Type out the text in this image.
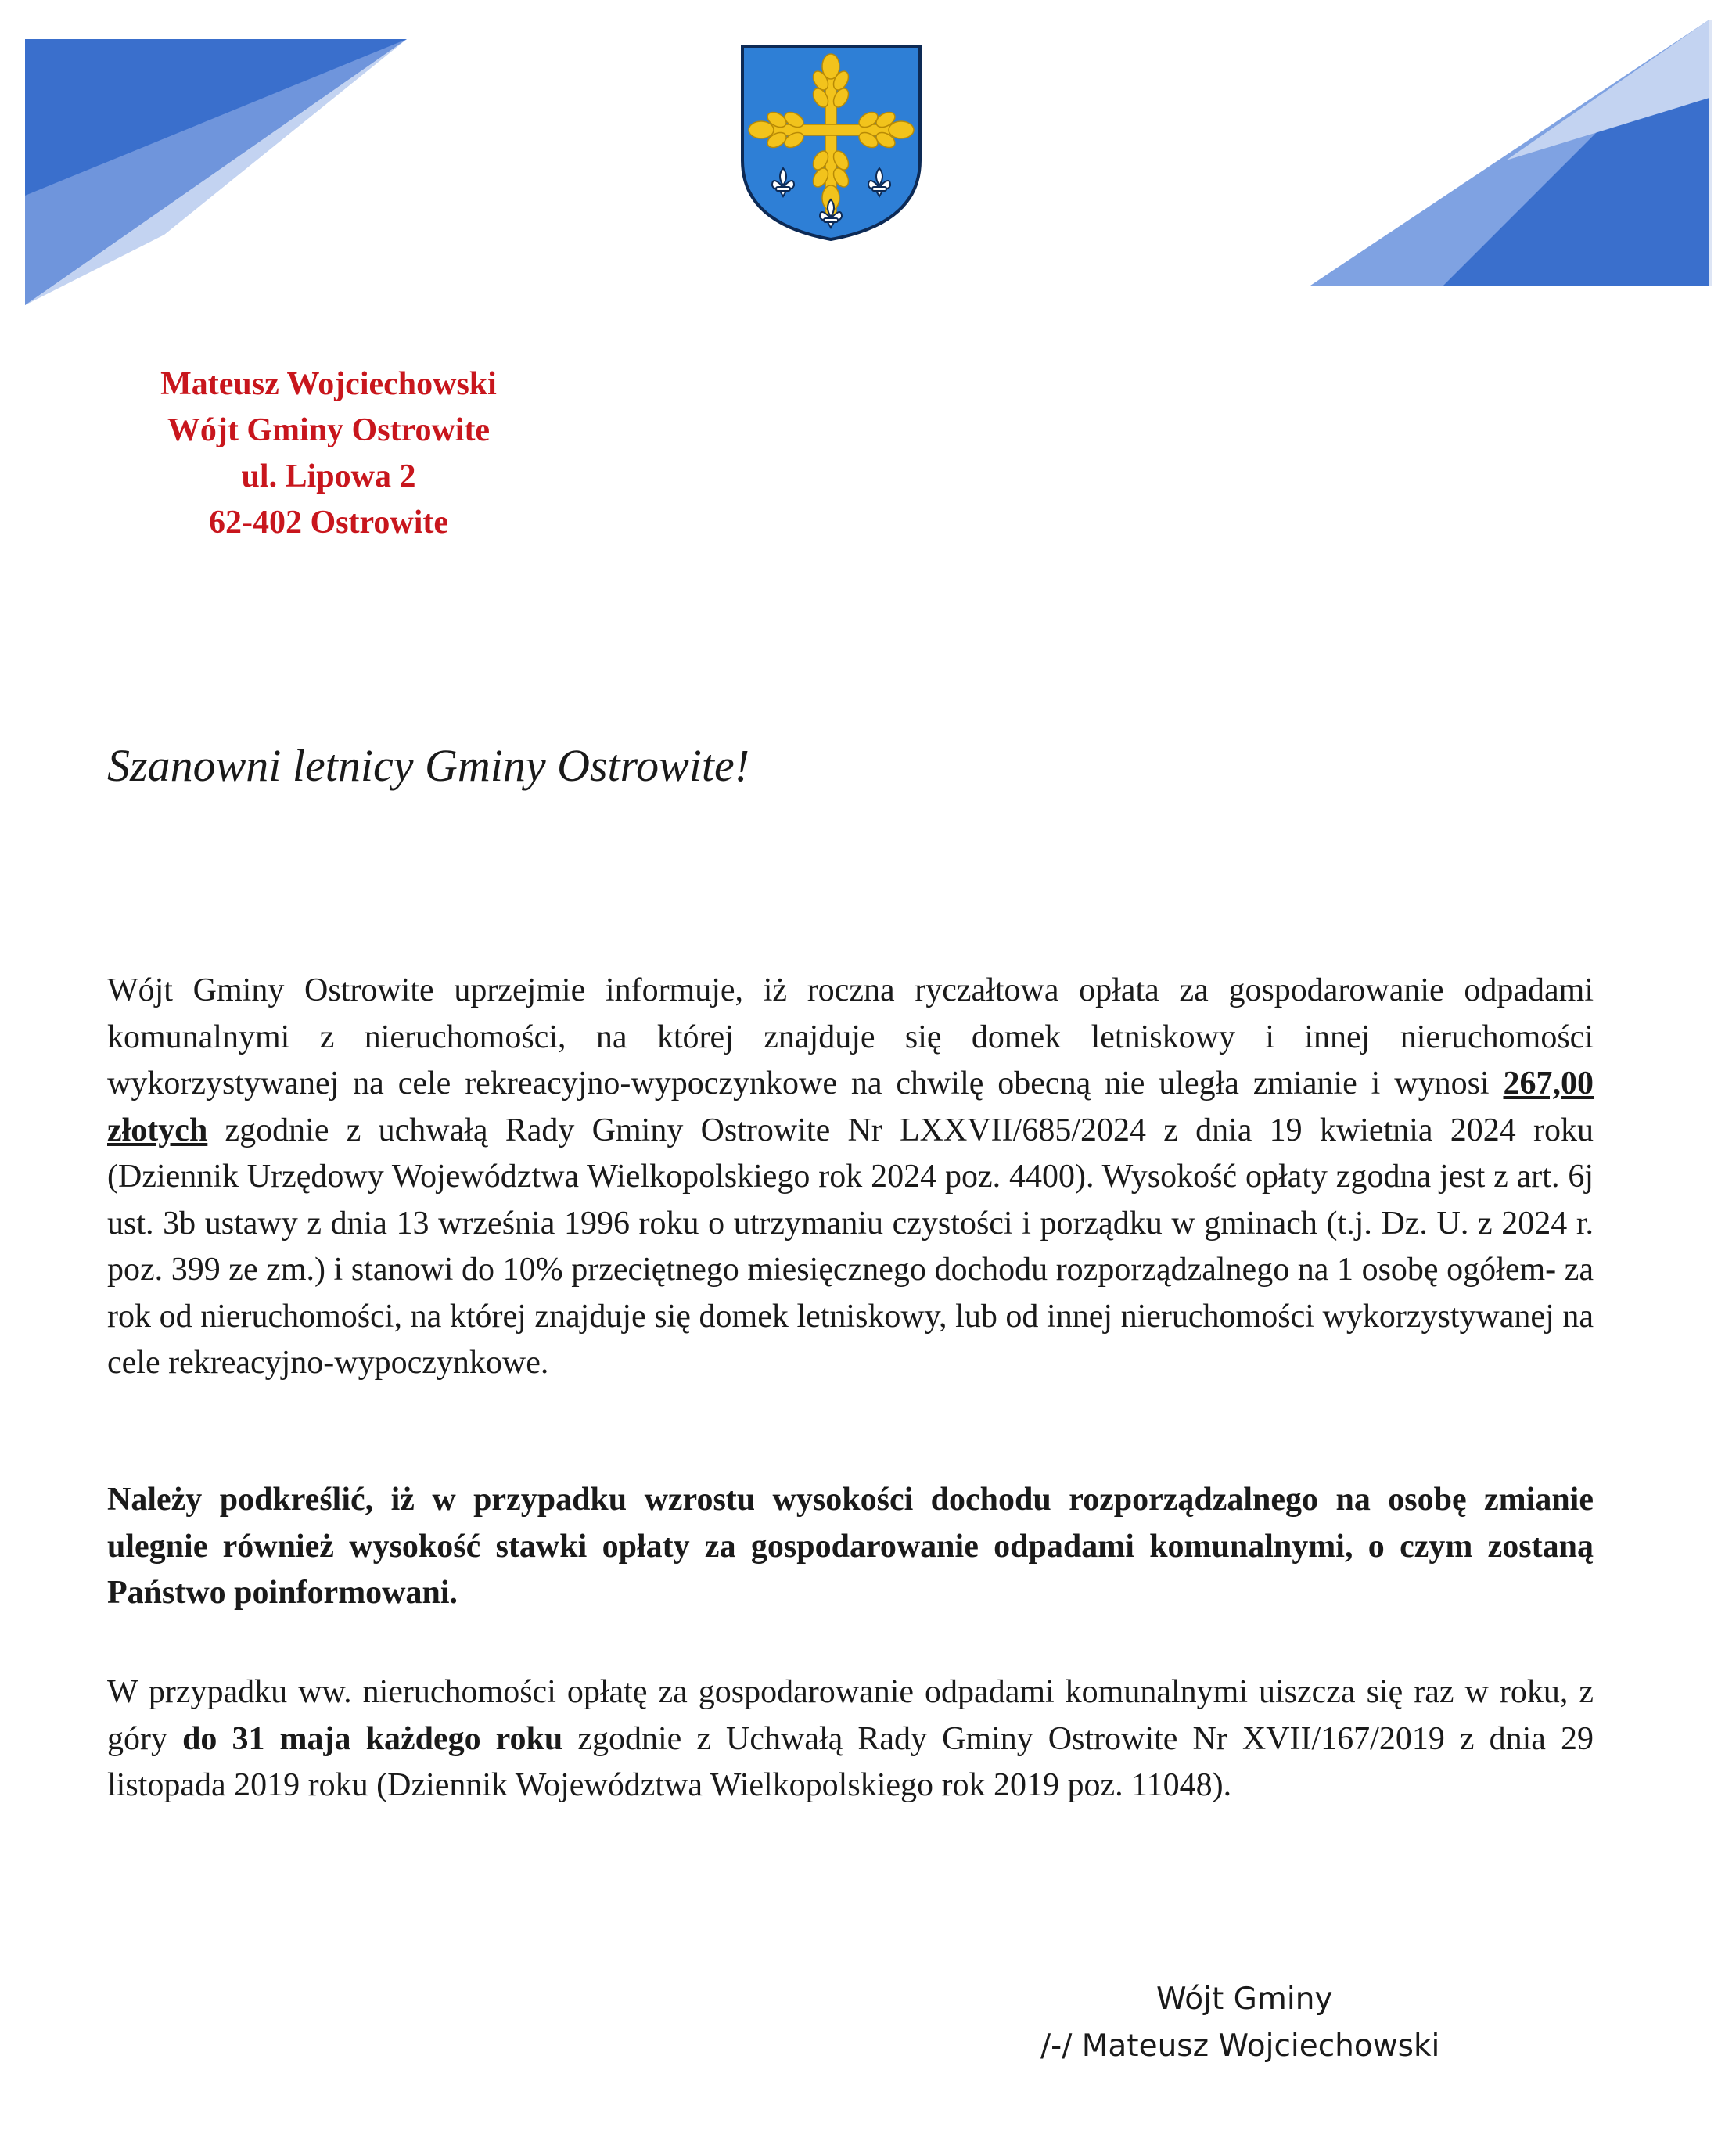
Mateusz Wojciechowski
Wójt Gminy Ostrowite
ul. Lipowa 2
62-402 Ostrowite
Szanowni letnicy Gminy Ostrowite!
Wójt Gminy Ostrowite uprzejmie informuje, iż roczna ryczałtowa opłata za gospodarowanie odpadami komunalnymi z nieruchomości, na której znajduje się domek letniskowy i innej nieruchomości wykorzystywanej na cele rekreacyjno-wypoczynkowe na chwilę obecną nie uległa zmianie i wynosi 267,00 złotych zgodnie z uchwałą Rady Gminy Ostrowite Nr LXXVII/685/2024 z dnia 19 kwietnia 2024 roku (Dziennik Urzędowy Województwa Wielkopolskiego rok 2024 poz. 4400). Wysokość opłaty zgodna jest z art. 6j ust. 3b ustawy z dnia 13 września 1996 roku o utrzymaniu czystości i porządku w gminach (t.j. Dz. U. z 2024 r. poz. 399 ze zm.) i stanowi do 10% przeciętnego miesięcznego dochodu rozporządzalnego na 1 osobę ogółem- za rok od nieruchomości, na której znajduje się domek letniskowy, lub od innej nieruchomości wykorzystywanej na cele rekreacyjno-wypoczynkowe.
Należy podkreślić, iż w przypadku wzrostu wysokości dochodu rozporządzalnego na osobę zmianie ulegnie również wysokość stawki opłaty za gospodarowanie odpadami komunalnymi, o czym zostaną Państwo poinformowani.
W przypadku ww. nieruchomości opłatę za gospodarowanie odpadami komunalnymi uiszcza się raz w roku, z góry do 31 maja każdego roku zgodnie z Uchwałą Rady Gminy Ostrowite Nr XVII/167/2019 z dnia 29 listopada 2019 roku (Dziennik Województwa Wielkopolskiego rok 2019 poz. 11048).
Wójt Gminy
/-/ Mateusz Wojciechowski
